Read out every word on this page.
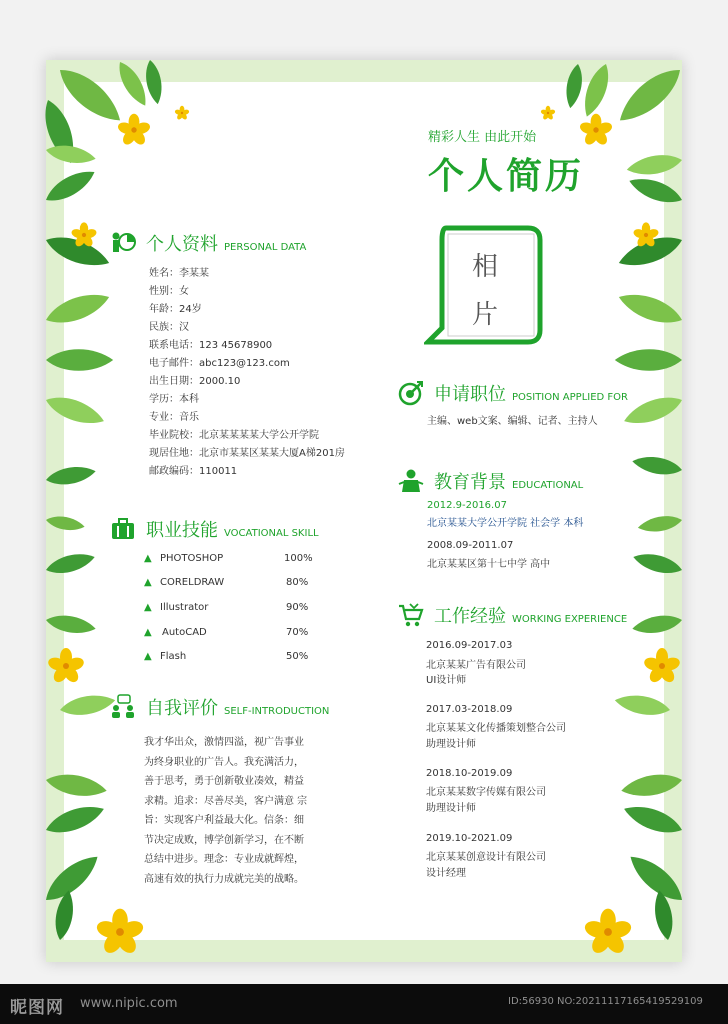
精彩人生 由此开始
个人简历
相
片
个人资料 PERSONAL DATA
姓名：李某某
性别：女
年龄：24岁
民族：汉
联系电话：123 45678900
电子邮件：abc123@123.com
出生日期：2000.10
学历：本科
专业：音乐
毕业院校：北京某某某某大学公开学院
现居住地：北京市某某区某某大厦A梯201房
邮政编码：110011
职业技能 VOCATIONAL SKILL
▲ PHOTOSHOP	100%
▲ CORELDRAW	80%
▲ Illustrator	90%
▲ AutoCAD	70%
▲ Flash	50%
自我评价 SELF-INTRODUCTION
我才华出众，激情四溢，视广告事业
为终身职业的广告人。我充满活力，
善于思考，勇于创新敬业凑效，精益
求精。追求：尽善尽美，客户满意 宗
旨：实现客户利益最大化。信条：细
节决定成败，博学创新学习，在不断
总结中进步。理念：专业成就辉煌，
高速有效的执行力成就完美的战略。
申请职位 POSITION APPLIED FOR
主编、web文案、编辑、记者、主持人
教育背景 EDUCATIONAL
2012.9-2016.07
北京某某大学公开学院 社会学 本科
2008.09-2011.07
北京某某区第十七中学 高中
工作经验 WORKING EXPERIENCE
2016.09-2017.03
北京某某广告有限公司
UI设计师
2017.03-2018.09
北京某某文化传播策划整合公司
助理设计师
2018.10-2019.09
北京某某数字传媒有限公司
助理设计师
2019.10-2021.09
北京某某创意设计有限公司
设计经理
昵图网 www.nipic.com	ID:56930 NO:20211117165419529109
